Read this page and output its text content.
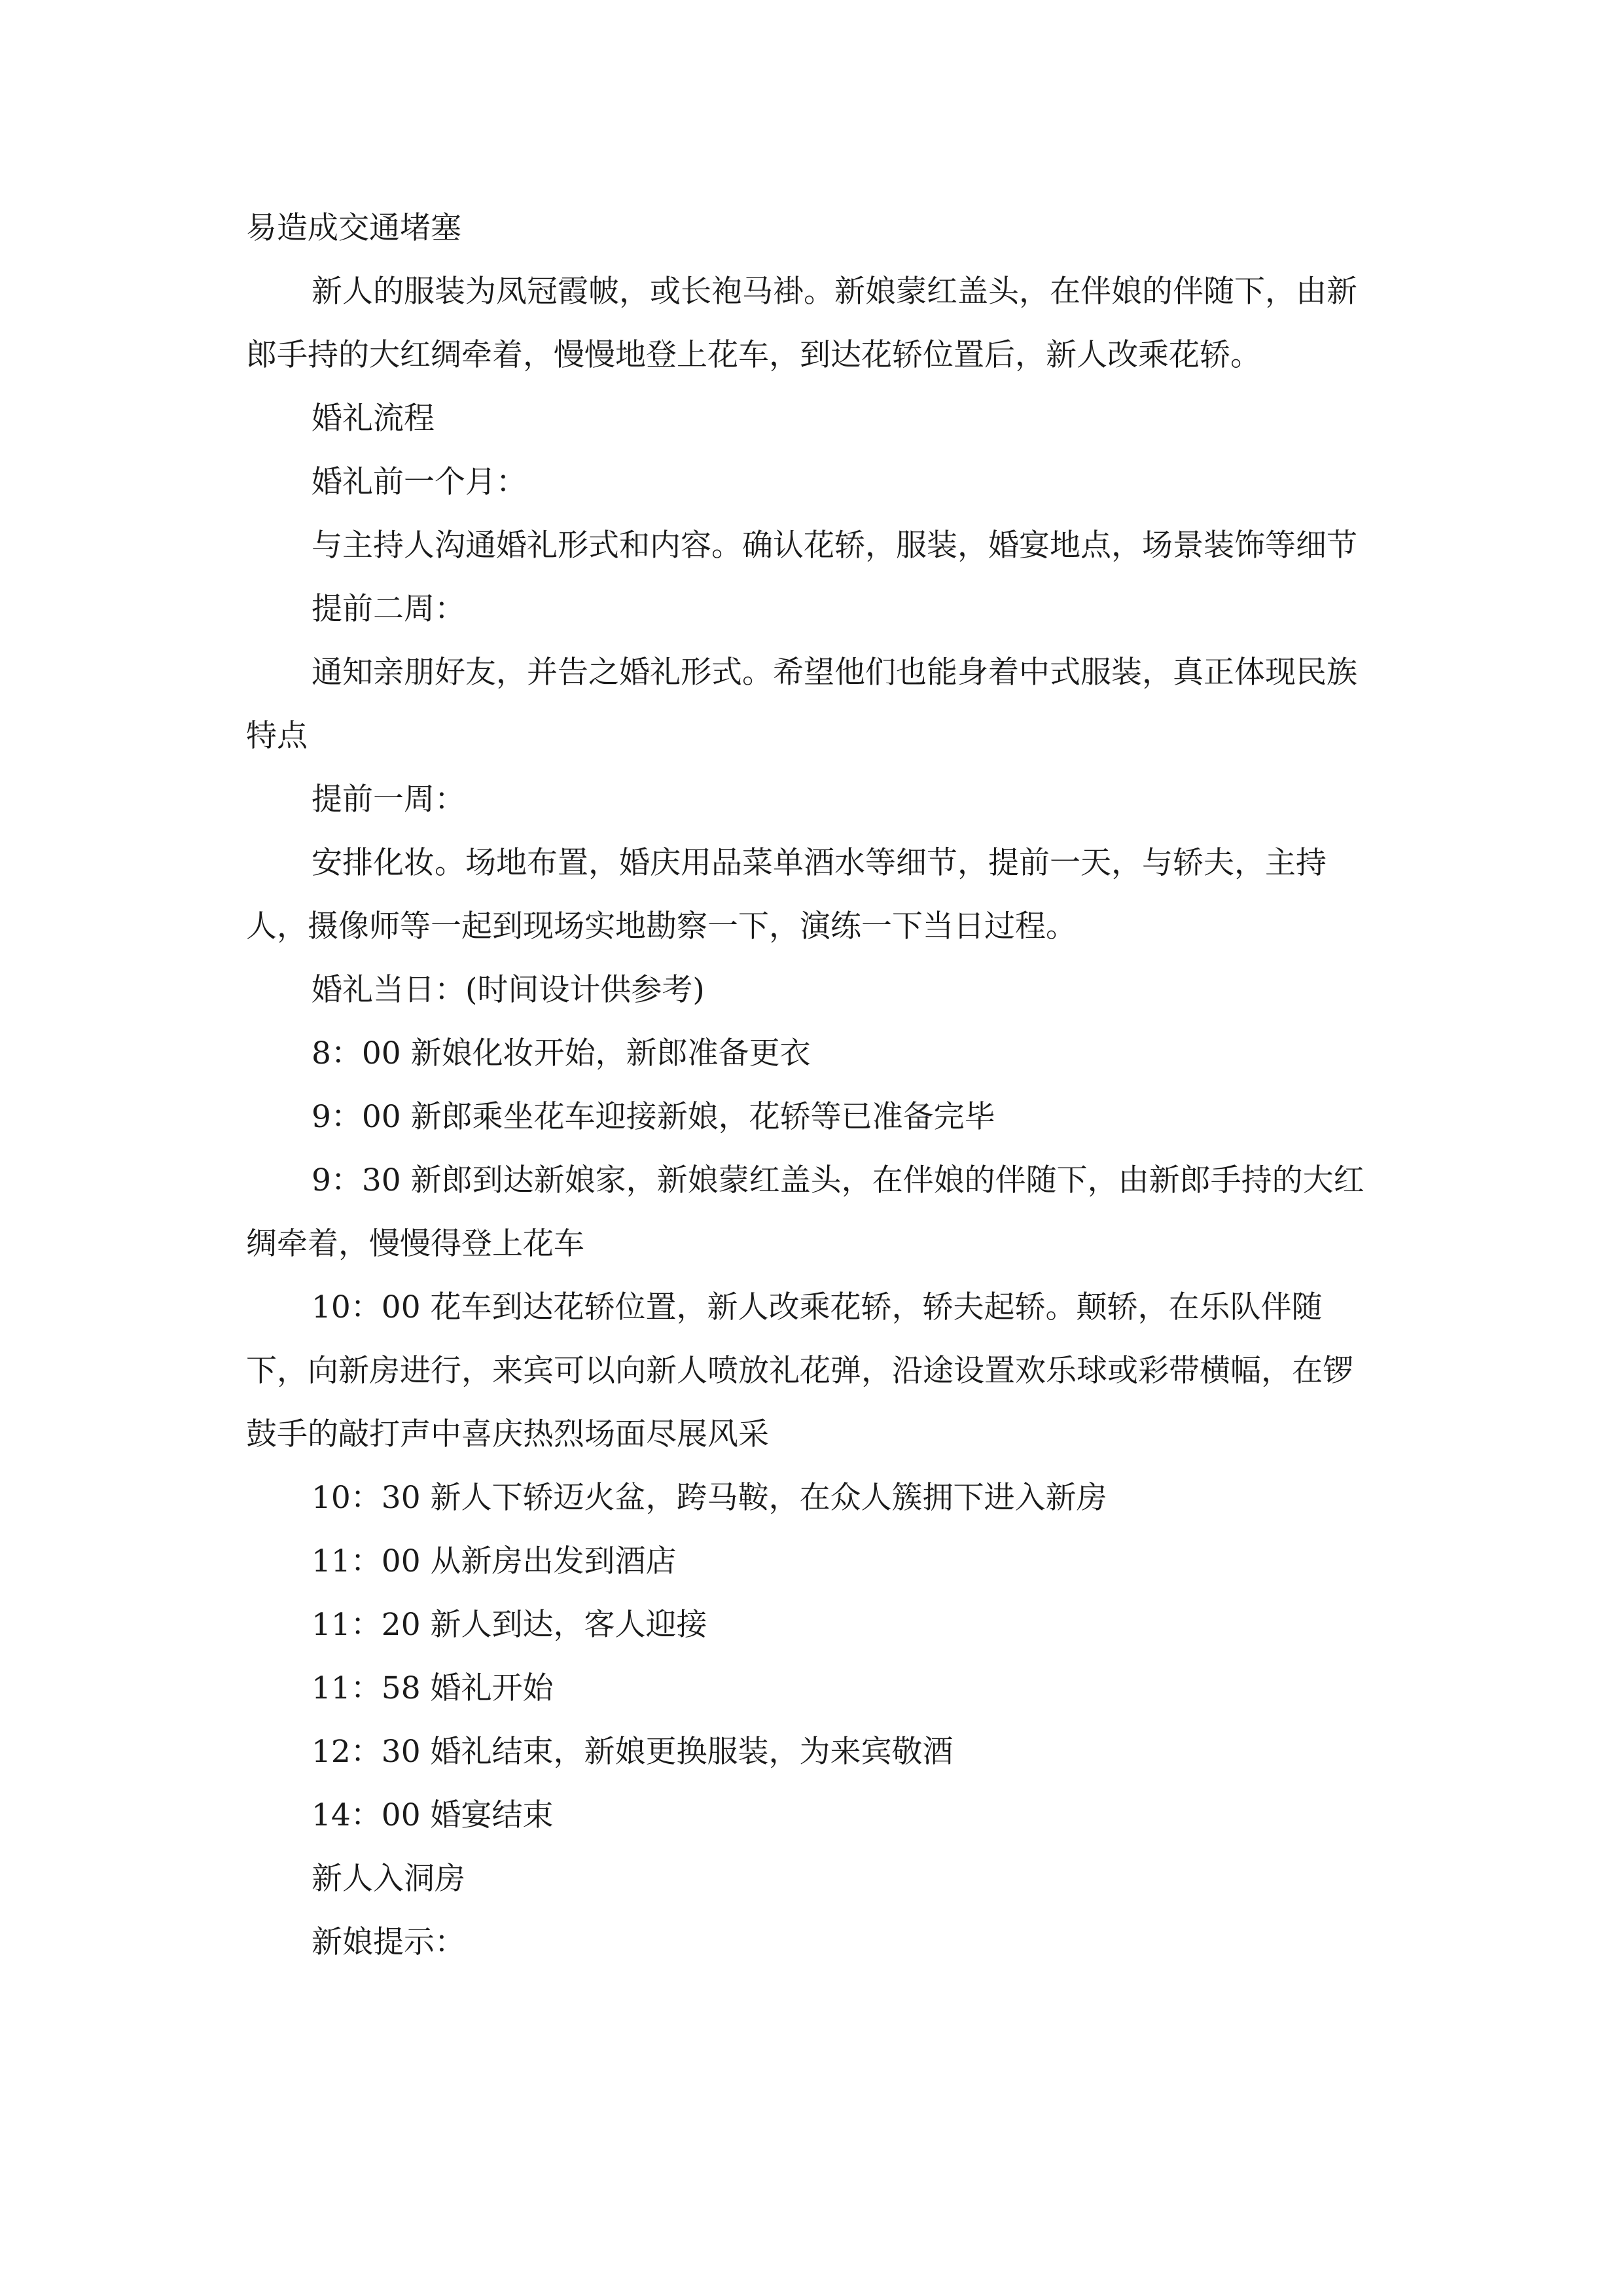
易造成交通堵塞

新人的服装为凤冠霞帔，或长袍马褂。新娘蒙红盖头，在伴娘的伴随下，由新郎手持的大红绸牵着，慢慢地登上花车，到达花轿位置后，新人改乘花轿。

婚礼流程

婚礼前一个月：

与主持人沟通婚礼形式和内容。确认花轿，服装，婚宴地点，场景装饰等细节

提前二周：

通知亲朋好友，并告之婚礼形式。希望他们也能身着中式服装，真正体现民族特点

提前一周：

安排化妆。场地布置，婚庆用品菜单酒水等细节，提前一天，与轿夫，主持人，摄像师等一起到现场实地勘察一下，演练一下当日过程。

婚礼当日：(时间设计供参考)

8：00 新娘化妆开始，新郎准备更衣

9：00 新郎乘坐花车迎接新娘，花轿等已准备完毕

9：30 新郎到达新娘家，新娘蒙红盖头，在伴娘的伴随下，由新郎手持的大红绸牵着，慢慢得登上花车

10：00 花车到达花轿位置，新人改乘花轿，轿夫起轿。颠轿，在乐队伴随下，向新房进行，来宾可以向新人喷放礼花弹，沿途设置欢乐球或彩带横幅，在锣鼓手的敲打声中喜庆热烈场面尽展风采

10：30 新人下轿迈火盆，跨马鞍，在众人簇拥下进入新房

11：00 从新房出发到酒店

11：20 新人到达，客人迎接

11：58 婚礼开始

12：30 婚礼结束，新娘更换服装，为来宾敬酒

14：00 婚宴结束

新人入洞房

新娘提示：
